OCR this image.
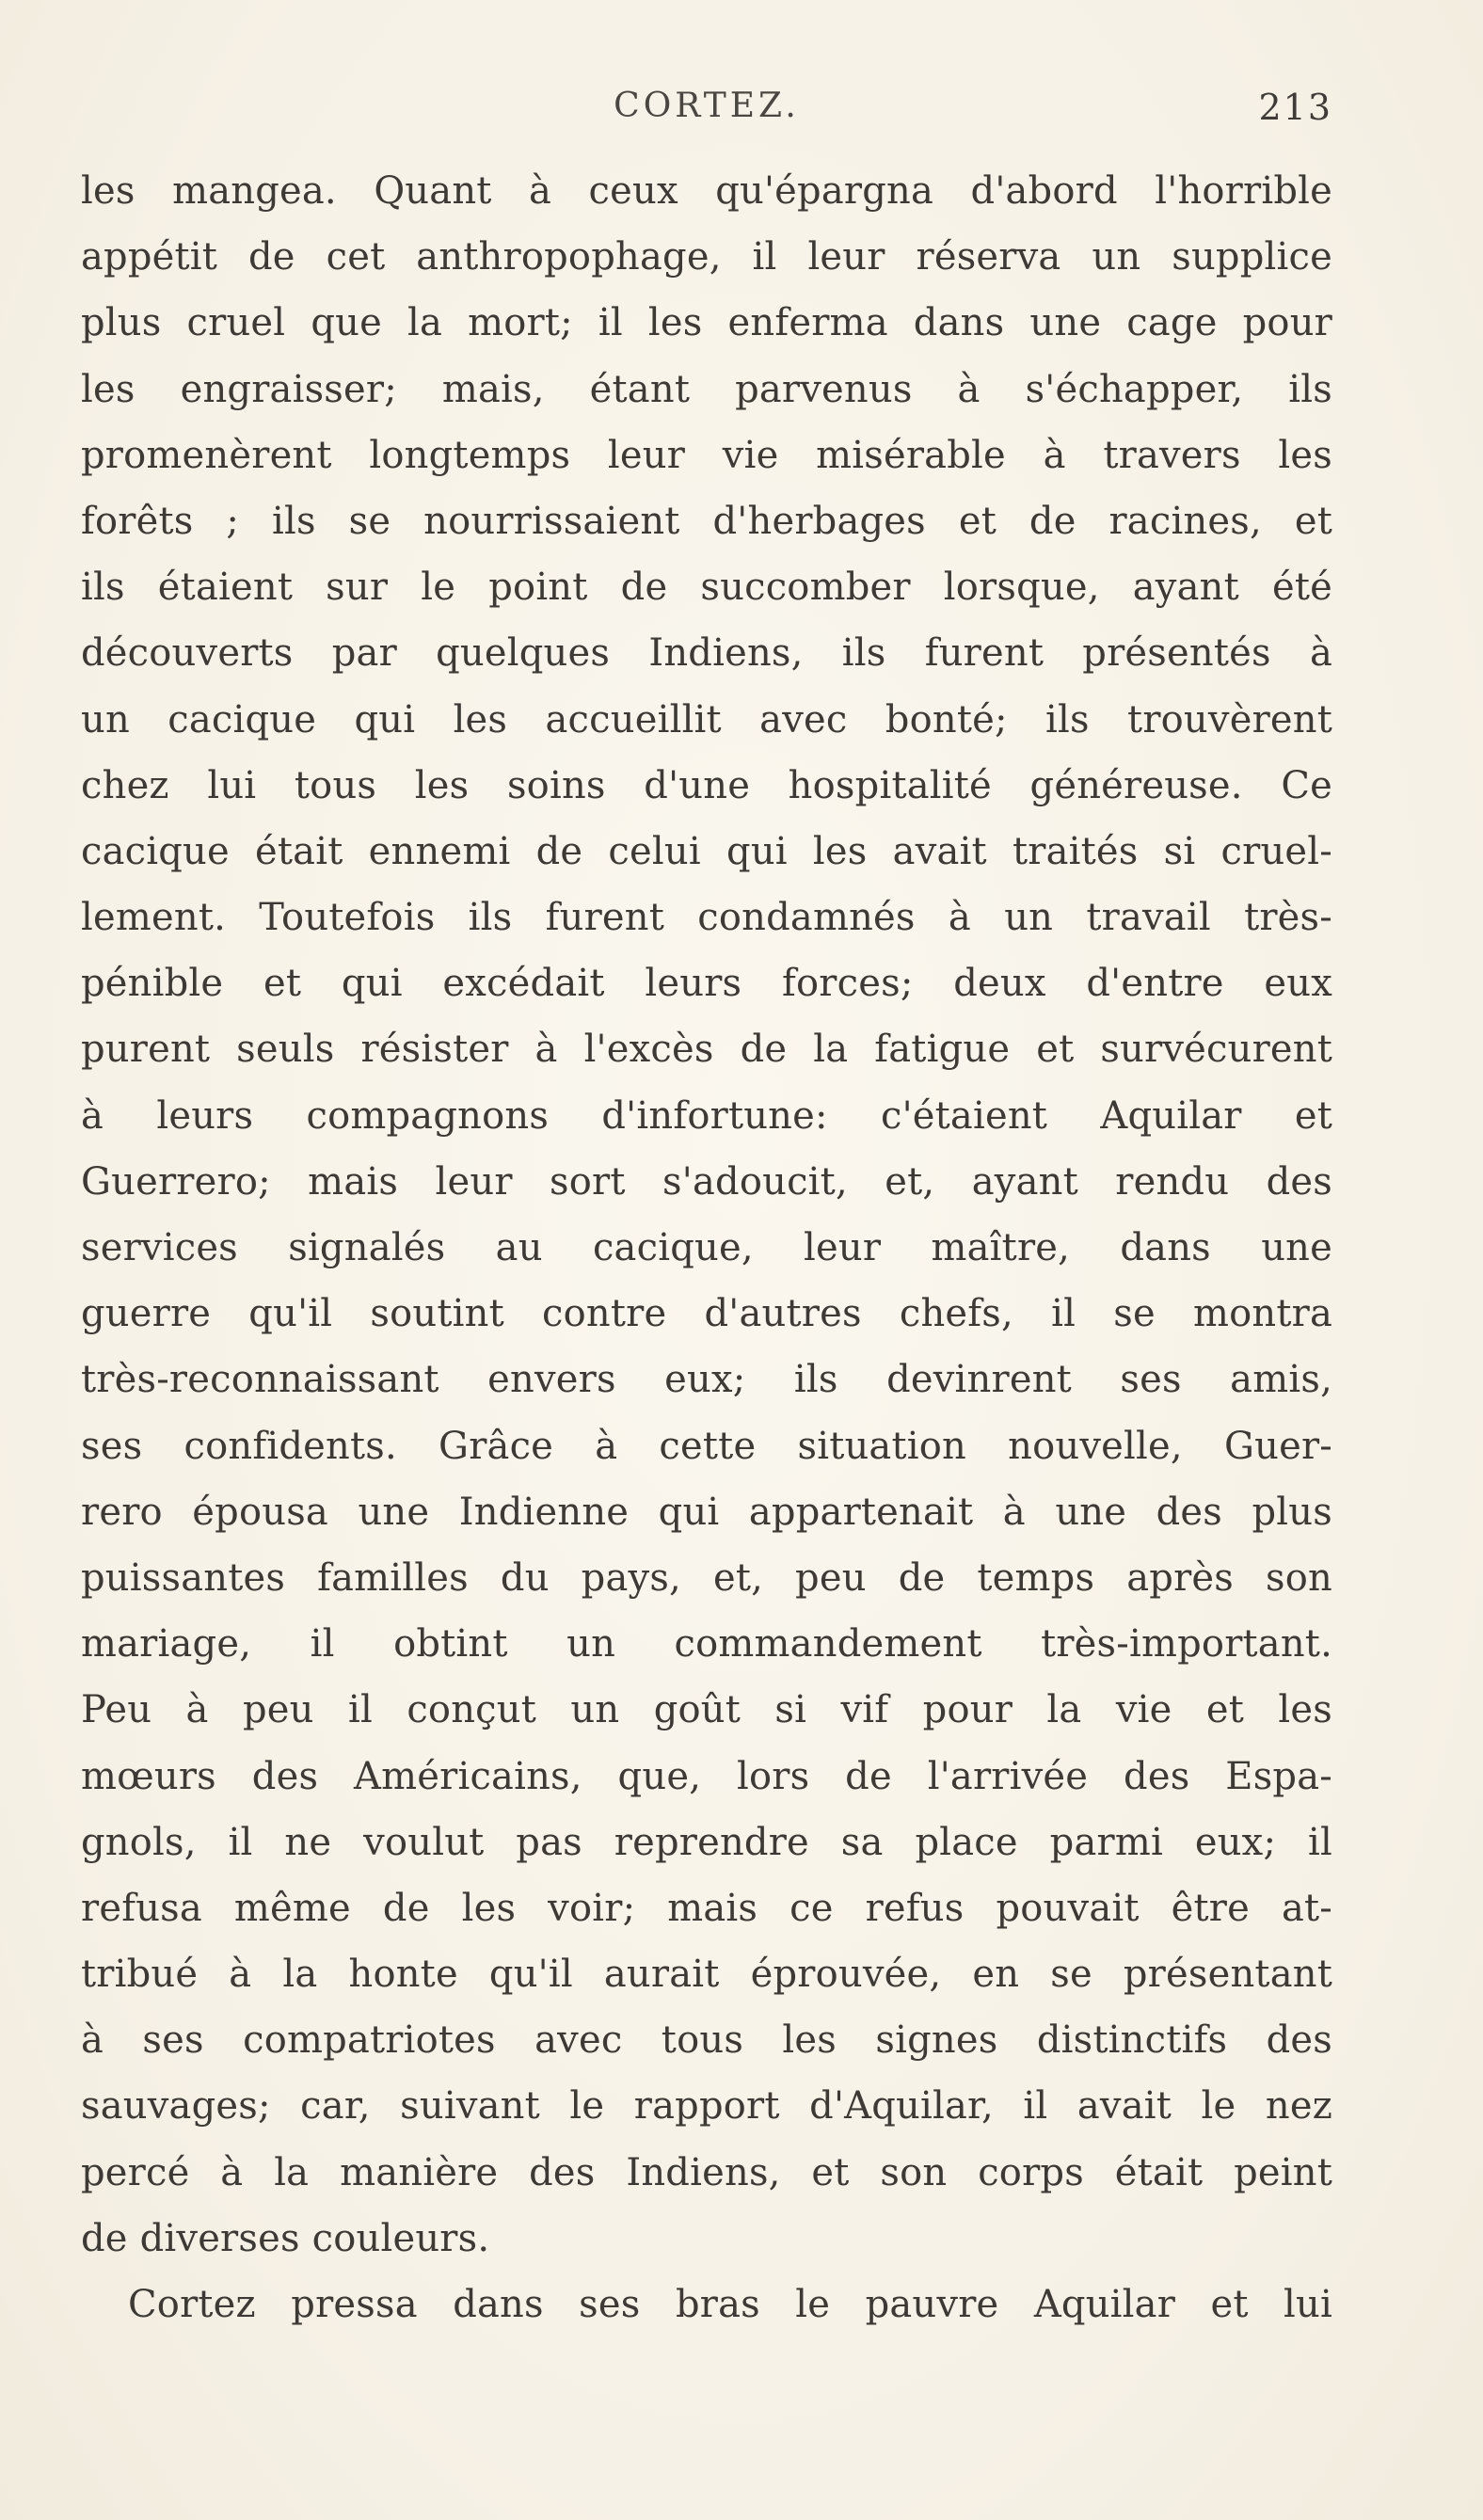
CORTEZ.	213
les mangea. Quant à ceux qu'épargna d'abord l'horrible
appétit de cet anthropophage, il leur réserva un supplice
plus cruel que la mort; il les enferma dans une cage pour
les engraisser; mais, étant parvenus à s'échapper, ils
promenèrent longtemps leur vie misérable à travers les
forêts ; ils se nourrissaient d'herbages et de racines, et
ils étaient sur le point de succomber lorsque, ayant été
découverts par quelques Indiens, ils furent présentés à
un cacique qui les accueillit avec bonté; ils trouvèrent
chez lui tous les soins d'une hospitalité généreuse. Ce
cacique était ennemi de celui qui les avait traités si cruel-
lement. Toutefois ils furent condamnés à un travail très-
pénible et qui excédait leurs forces; deux d'entre eux
purent seuls résister à l'excès de la fatigue et survécurent
à leurs compagnons d'infortune: c'étaient Aquilar et
Guerrero; mais leur sort s'adoucit, et, ayant rendu des
services signalés au cacique, leur maître, dans une
guerre qu'il soutint contre d'autres chefs, il se montra
très-reconnaissant envers eux; ils devinrent ses amis,
ses confidents. Grâce à cette situation nouvelle, Guer-
rero épousa une Indienne qui appartenait à une des plus
puissantes familles du pays, et, peu de temps après son
mariage, il obtint un commandement très-important.
Peu à peu il conçut un goût si vif pour la vie et les
mœurs des Américains, que, lors de l'arrivée des Espa-
gnols, il ne voulut pas reprendre sa place parmi eux; il
refusa même de les voir; mais ce refus pouvait être at-
tribué à la honte qu'il aurait éprouvée, en se présentant
à ses compatriotes avec tous les signes distinctifs des
sauvages; car, suivant le rapport d'Aquilar, il avait le nez
percé à la manière des Indiens, et son corps était peint
de diverses couleurs.
Cortez pressa dans ses bras le pauvre Aquilar et lui
